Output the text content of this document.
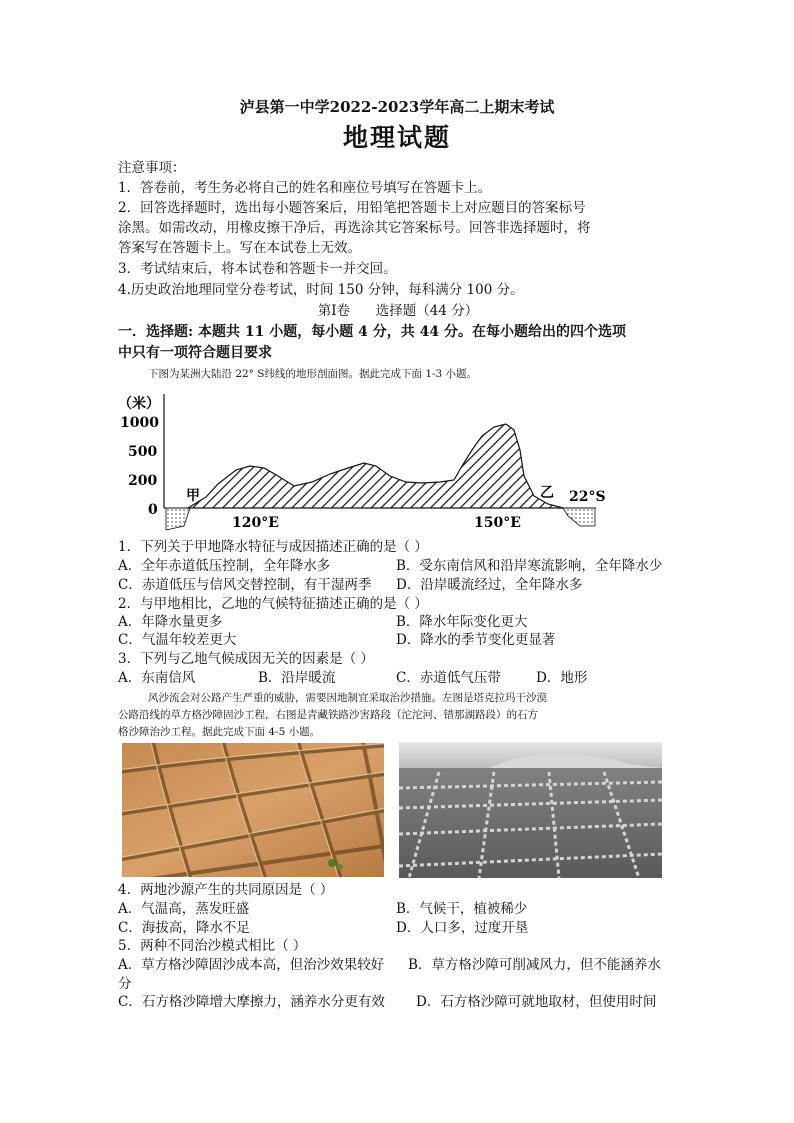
泸县第一中学2022-2023学年高二上期末考试
地理试题
注意事项：
1．答卷前，考生务必将自己的姓名和座位号填写在答题卡上。
2．回答选择题时，选出每小题答案后，用铅笔把答题卡上对应题目的答案标号
涂黑。如需改动，用橡皮擦干净后，再选涂其它答案标号。回答非选择题时，将
答案写在答题卡上。写在本试卷上无效。
3．考试结束后，将本试卷和答题卡一并交回。
4.历史政治地理同堂分卷考试，时间 150 分钟，每科满分 100 分。
第Ⅰ卷      选择题（44 分）
一．选择题: 本题共 11 小题，每小题 4 分，共 44 分。在每小题给出的四个选项
中只有一项符合题目要求
下图为某洲大陆沿 22° S纬线的地形剖面图。据此完成下面 1-3 小题。
（米）
1000
500
200
0
甲	乙 22°S
120°E	150°E
1．下列关于甲地降水特征与成因描述正确的是（ ）
A．全年赤道低压控制，全年降水多	B．受东南信风和沿岸寒流影响，全年降水少
C．赤道低压与信风交替控制，有干湿两季 D．沿岸暖流经过，全年降水多
2．与甲地相比，乙地的气候特征描述正确的是（ ）
A．年降水量更多	B．降水年际变化更大
C．气温年较差更大	D．降水的季节变化更显著
3．下列与乙地气候成因无关的因素是（ ）
A．东南信风	B．沿岸暖流	C．赤道低气压带	D．地形
风沙流会对公路产生严重的威胁，需要因地制宜采取治沙措施。左图是塔克拉玛干沙漠
公路沿线的草方格沙障固沙工程，右图是青藏铁路沙害路段（沱沱河、错那湖路段）的石方
格沙障治沙工程。据此完成下面 4-5 小题。
4．两地沙源产生的共同原因是（ ）
A．气温高，蒸发旺盛	B．气候干，植被稀少
C．海拔高，降水不足	D．人口多，过度开垦
5．两种不同治沙模式相比（ ）
A．草方格沙障固沙成本高，但治沙效果较好 B．草方格沙障可削减风力，但不能涵养水
分
C．石方格沙障增大摩擦力，涵养水分更有效 D．石方格沙障可就地取材，但使用时间
